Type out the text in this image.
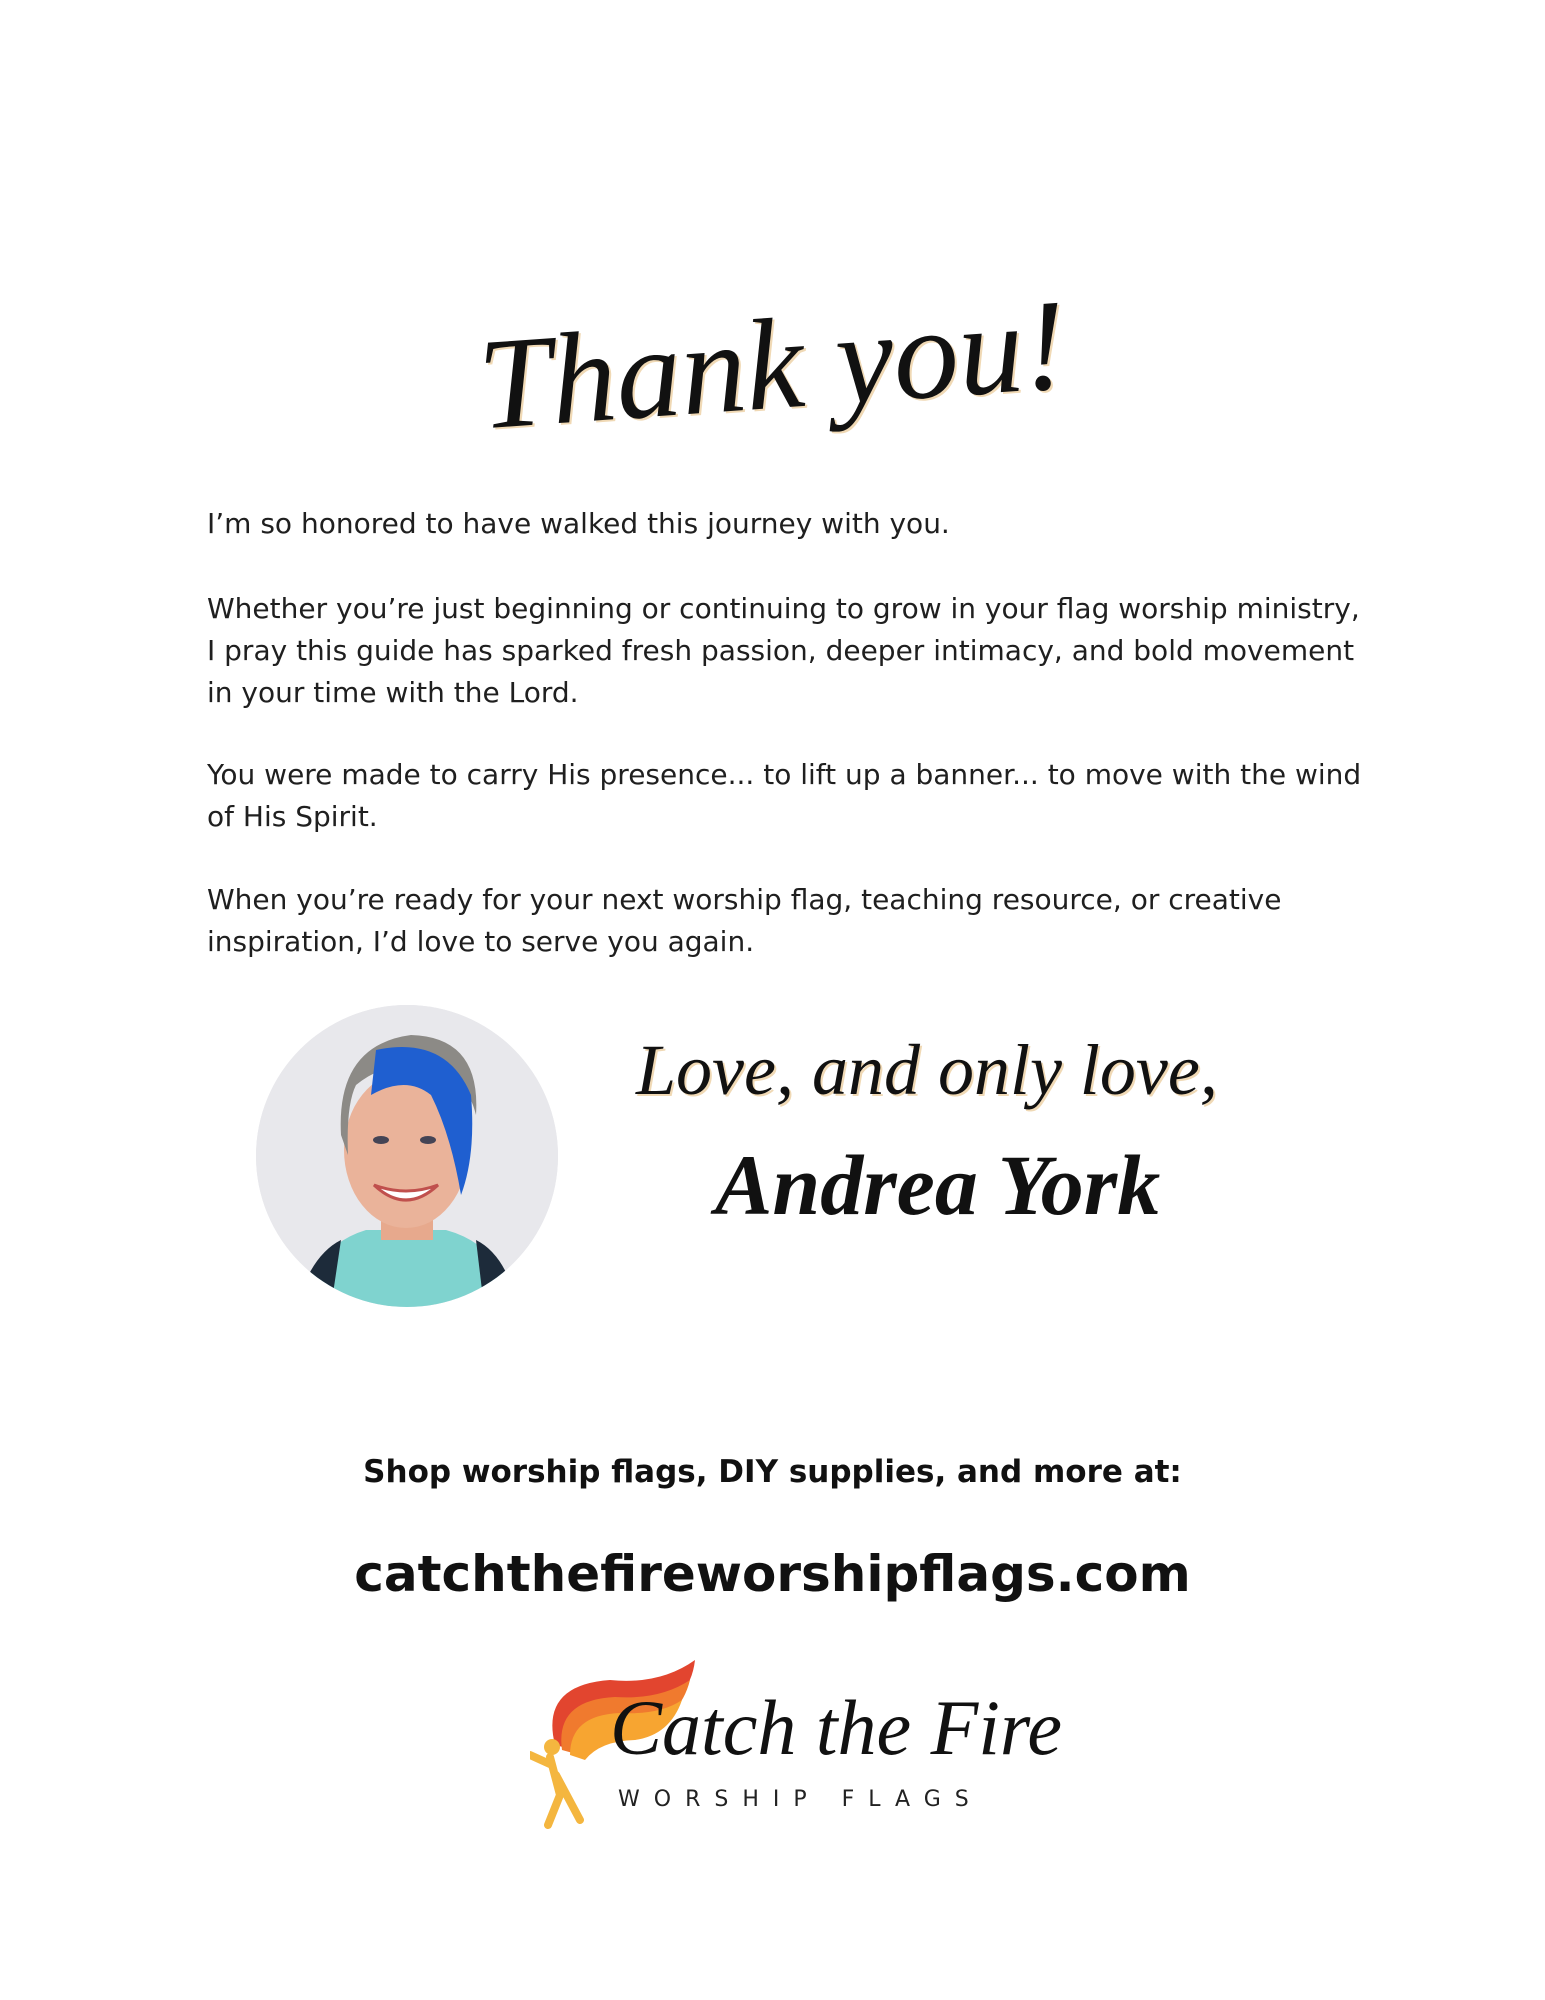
Thank you!

I’m so honored to have walked this journey with you.

Whether you’re just beginning or continuing to grow in your flag worship ministry, I pray this guide has sparked fresh passion, deeper intimacy, and bold movement in your time with the Lord.

You were made to carry His presence... to lift up a banner... to move with the wind of His Spirit.

When you’re ready for your next worship flag, teaching resource, or creative inspiration, I’d love to serve you again.

Love, and only love,
Andrea York
Shop worship flags, DIY supplies, and more at:
catchthefireworshipflags.com
Catch the Fire
WORSHIP FLAGS
